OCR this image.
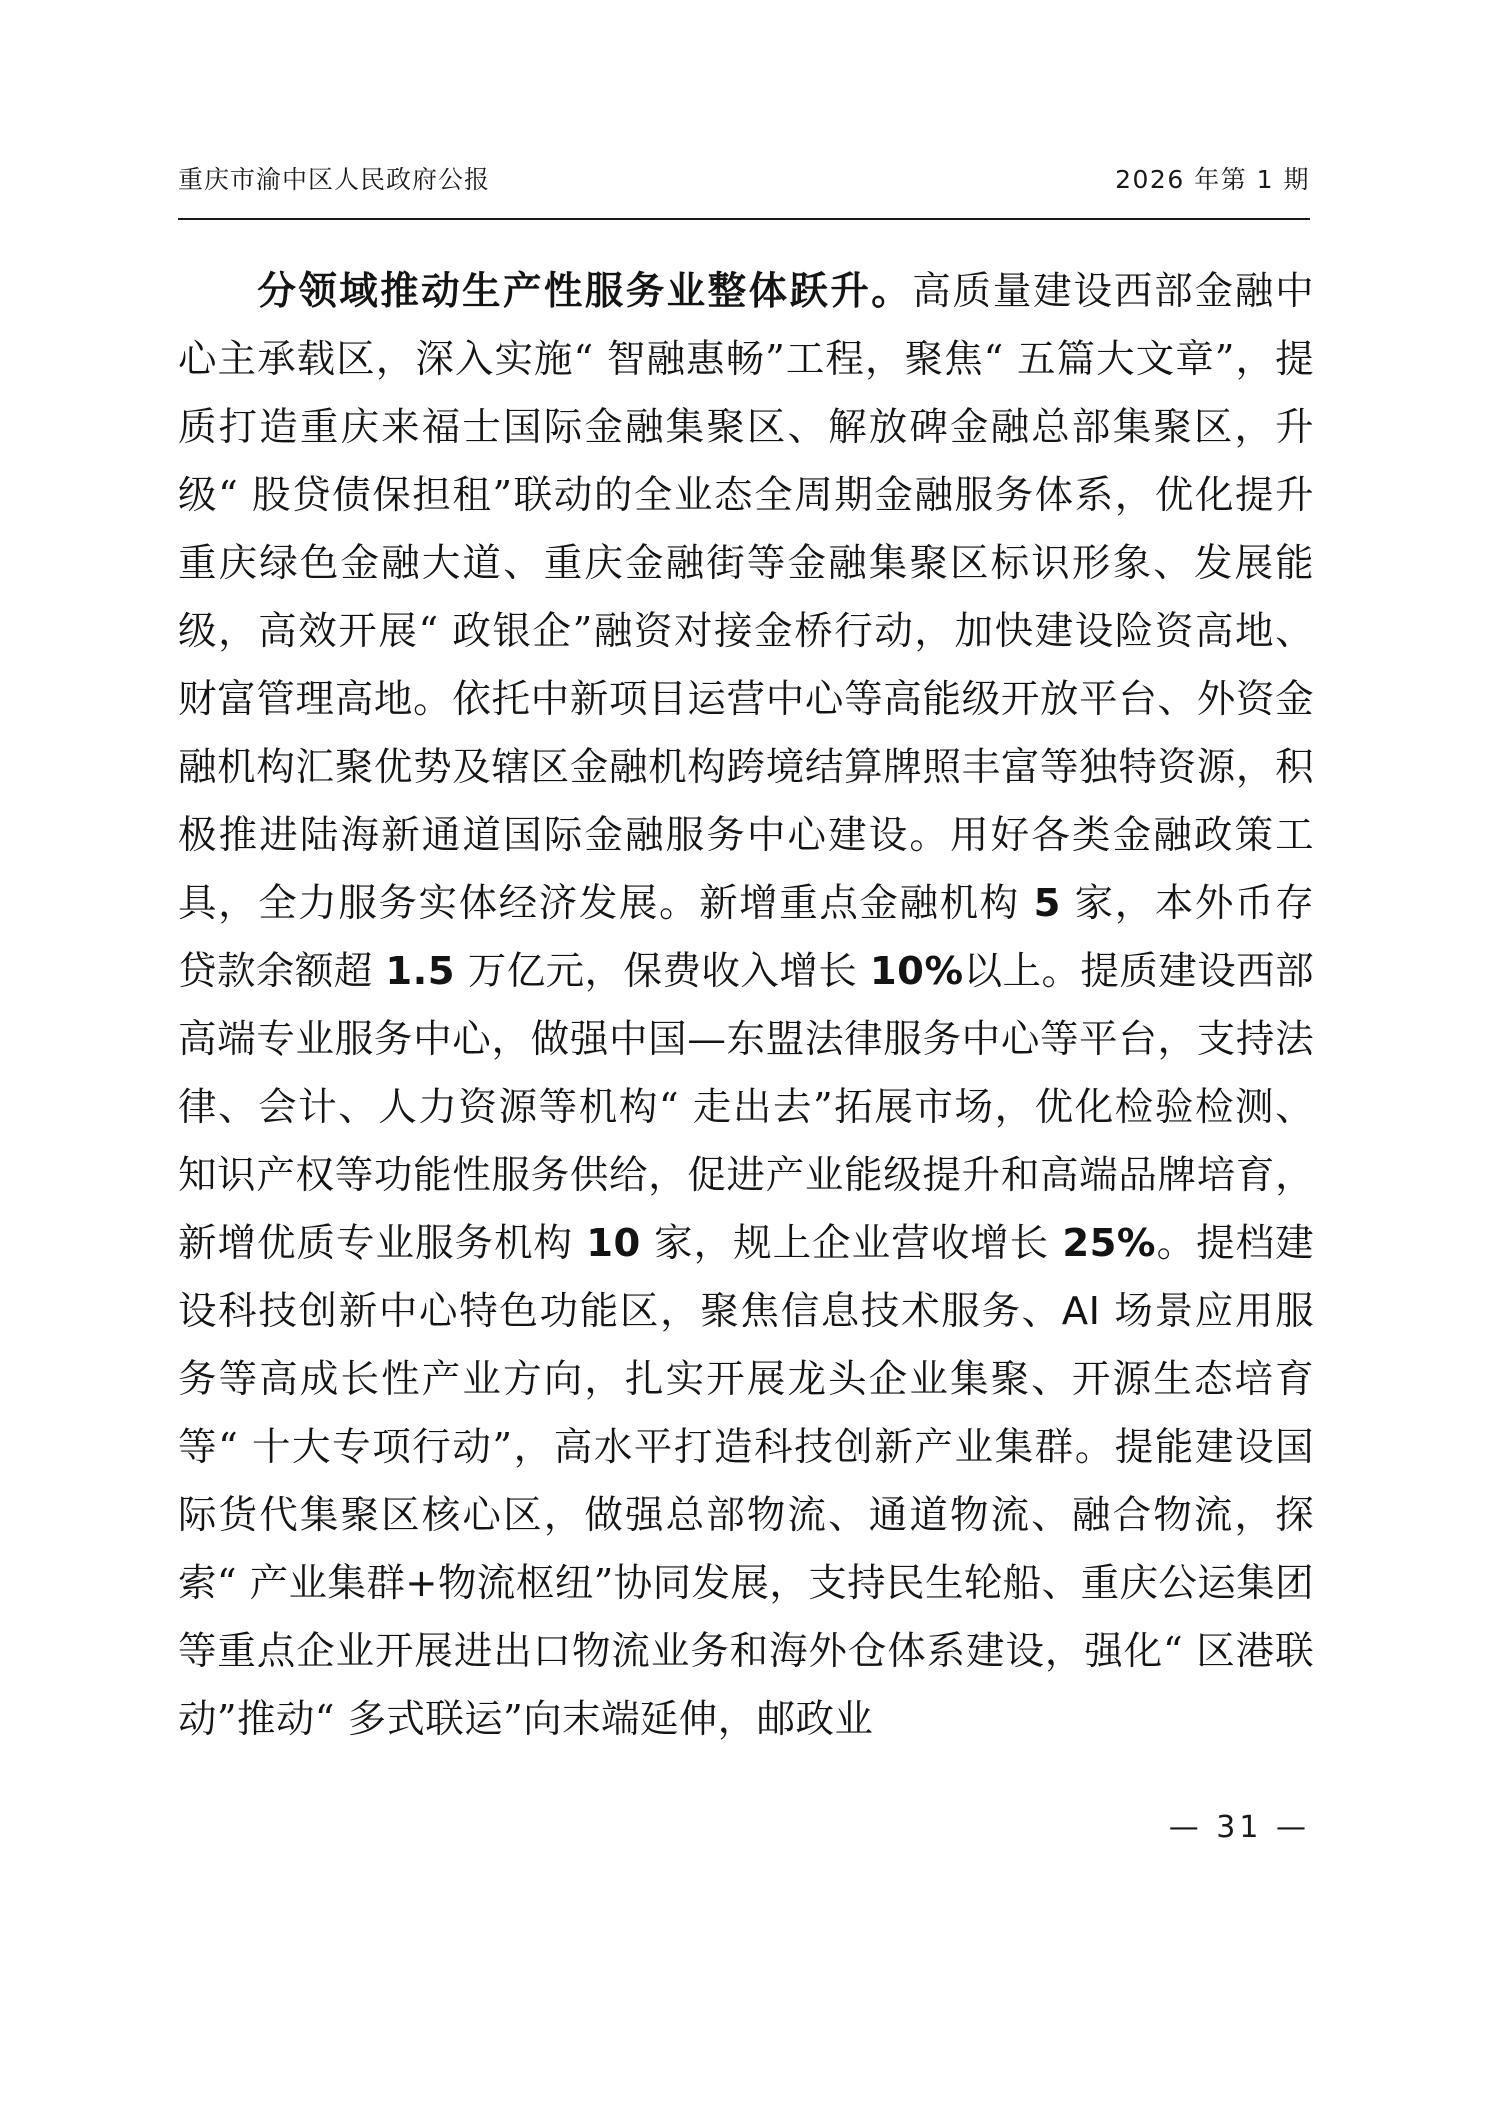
重庆市渝中区人民政府公报	2026 年第 1 期

分领域推动生产性服务业整体跃升。高质量建设西部金融中心主承载区，深入实施“ 智融惠畅”工程，聚焦“ 五篇大文章”，提质打造重庆来福士国际金融集聚区、解放碑金融总部集聚区，升级“ 股贷债保担租”联动的全业态全周期金融服务体系，优化提升重庆绿色金融大道、重庆金融街等金融集聚区标识形象、发展能级，高效开展“ 政银企”融资对接金桥行动，加快建设险资高地、财富管理高地。依托中新项目运营中心等高能级开放平台、外资金融机构汇聚优势及辖区金融机构跨境结算牌照丰富等独特资源，积极推进陆海新通道国际金融服务中心建设。用好各类金融政策工具，全力服务实体经济发展。新增重点金融机构 5 家，本外币存贷款余额超 1.5 万亿元，保费收入增长 10%以上。提质建设西部高端专业服务中心，做强中国—东盟法律服务中心等平台，支持法律、会计、人力资源等机构“ 走出去”拓展市场，优化检验检测、知识产权等功能性服务供给，促进产业能级提升和高端品牌培育，新增优质专业服务机构 10 家，规上企业营收增长 25%。提档建设科技创新中心特色功能区，聚焦信息技术服务、AI 场景应用服务等高成长性产业方向，扎实开展龙头企业集聚、开源生态培育等“ 十大专项行动”，高水平打造科技创新产业集群。提能建设国际货代集聚区核心区，做强总部物流、通道物流、融合物流，探索“ 产业集群+物流枢纽”协同发展，支持民生轮船、重庆公运集团等重点企业开展进出口物流业务和海外仓体系建设，强化“ 区港联动”推动“ 多式联运”向末端延伸，邮政业

— 31 —
